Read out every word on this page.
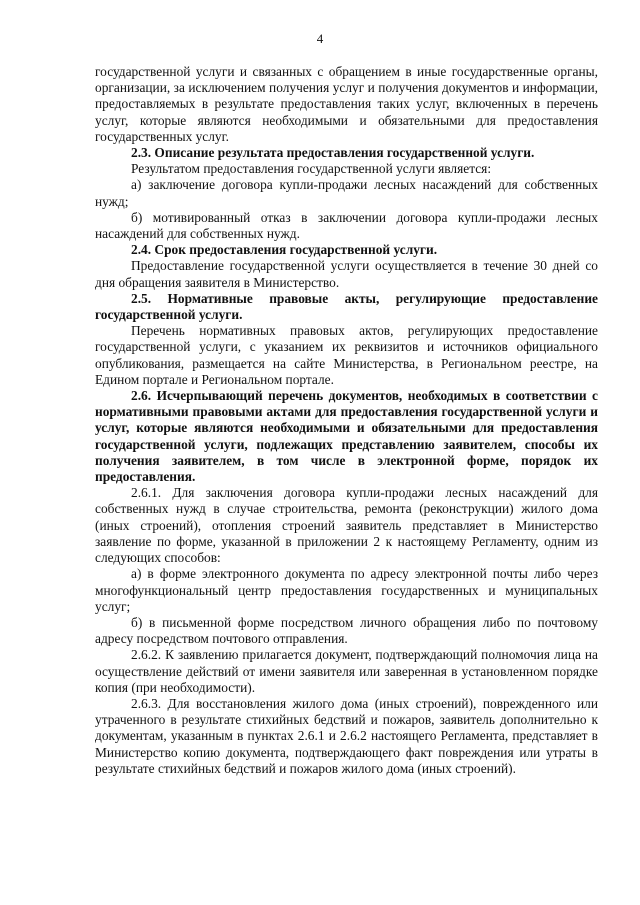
4

государственной услуги и связанных с обращением в иные государственные органы, организации, за исключением получения услуг и получения документов и информации, предоставляемых в результате предоставления таких услуг, включенных в перечень услуг, которые являются необходимыми и обязательными для предоставления государственных услуг.

2.3. Описание результата предоставления государственной услуги.

Результатом предоставления государственной услуги является:

а) заключение договора купли-продажи лесных насаждений для собственных нужд;

б) мотивированный отказ в заключении договора купли-продажи лесных насаждений для собственных нужд.

2.4. Срок предоставления государственной услуги.

Предоставление государственной услуги осуществляется в течение 30 дней со дня обращения заявителя в Министерство.

2.5. Нормативные правовые акты, регулирующие предоставление государственной услуги.

Перечень нормативных правовых актов, регулирующих предоставление государственной услуги, с указанием их реквизитов и источников официального опубликования, размещается на сайте Министерства, в Региональном реестре, на Едином портале и Региональном портале.

2.6. Исчерпывающий перечень документов, необходимых в соответствии с нормативными правовыми актами для предоставления государственной услуги и услуг, которые являются необходимыми и обязательными для предоставления государственной услуги, подлежащих представлению заявителем, способы их получения заявителем, в том числе в электронной форме, порядок их предоставления.

2.6.1. Для заключения договора купли-продажи лесных насаждений для собственных нужд в случае строительства, ремонта (реконструкции) жилого дома (иных строений), отопления строений заявитель представляет в Министерство заявление по форме, указанной в приложении 2 к настоящему Регламенту, одним из следующих способов:

а) в форме электронного документа по адресу электронной почты либо через многофункциональный центр предоставления государственных и муниципальных услуг;

б) в письменной форме посредством личного обращения либо по почтовому адресу посредством почтового отправления.

2.6.2. К заявлению прилагается документ, подтверждающий полномочия лица на осуществление действий от имени заявителя или заверенная в установленном порядке копия (при необходимости).

2.6.3. Для восстановления жилого дома (иных строений), поврежденного или утраченного в результате стихийных бедствий и пожаров, заявитель дополнительно к документам, указанным в пунктах 2.6.1 и 2.6.2 настоящего Регламента, представляет в Министерство копию документа, подтверждающего факт повреждения или утраты в результате стихийных бедствий и пожаров жилого дома (иных строений).
